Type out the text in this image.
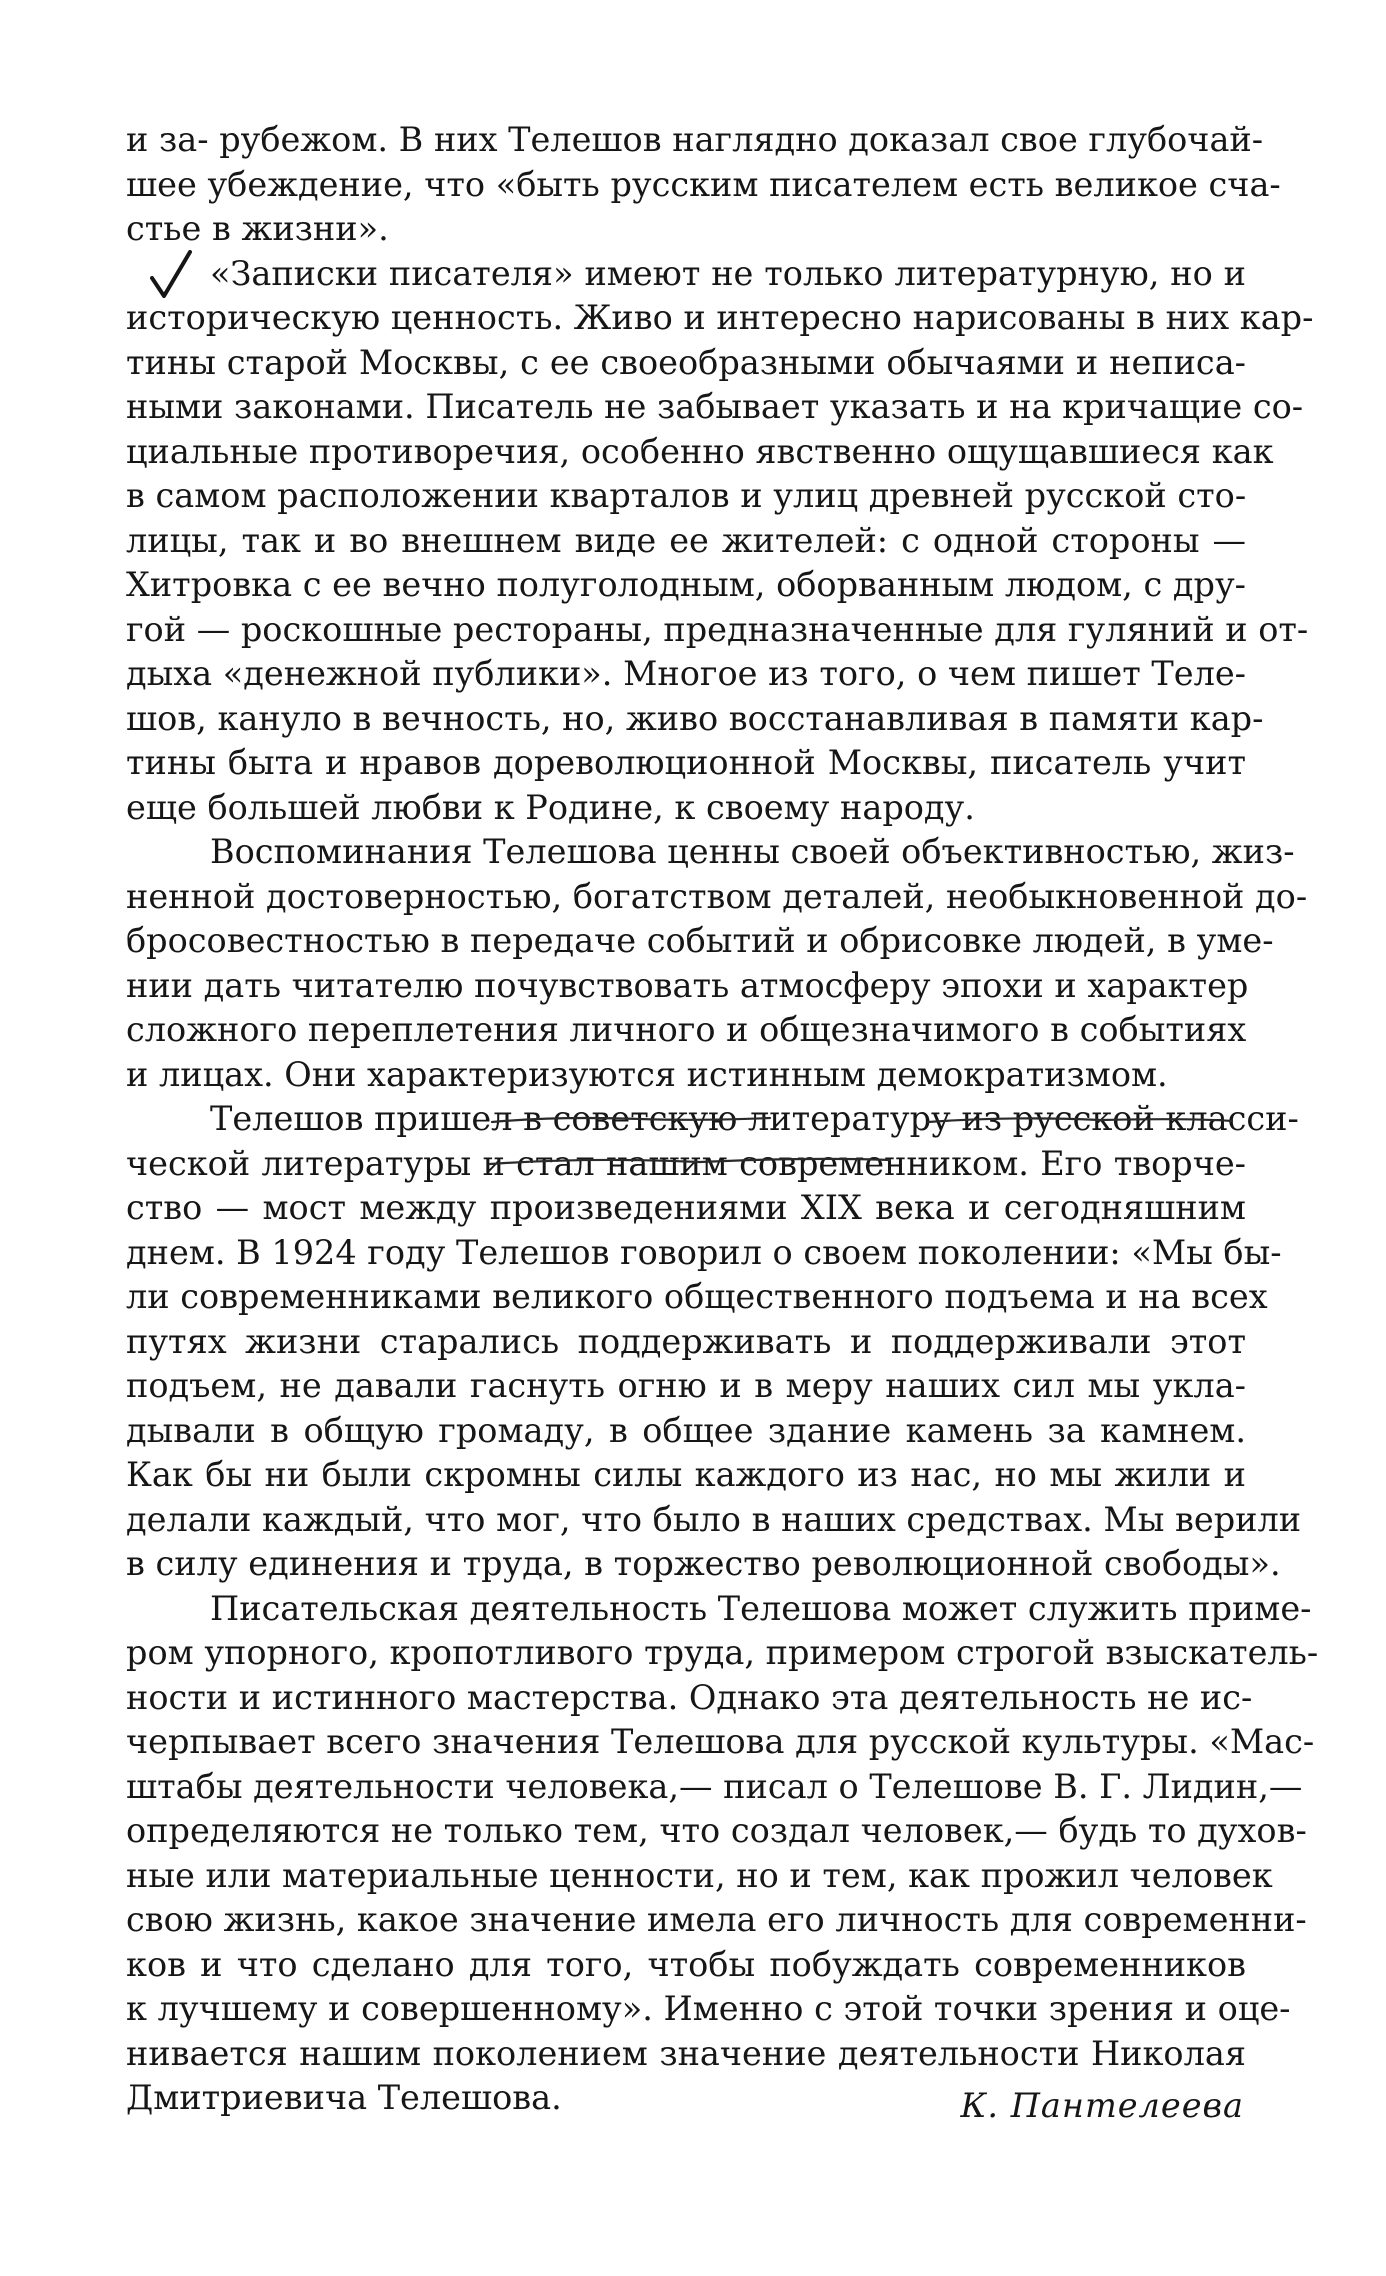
и за- рубежом. В них Телешов наглядно доказал свое глубочай-
шее убеждение, что «быть русским писателем есть великое сча-
стье в жизни».
«Записки писателя» имеют не только литературную, но и
историческую ценность. Живо и интересно нарисованы в них кар-
тины старой Москвы, с ее своеобразными обычаями и неписа-
ными законами. Писатель не забывает указать и на кричащие со-
циальные противоречия, особенно явственно ощущавшиеся как
в самом расположении кварталов и улиц древней русской сто-
лицы, так и во внешнем виде ее жителей: с одной стороны —
Хитровка с ее вечно полуголодным, оборванным людом, с дру-
гой — роскошные рестораны, предназначенные для гуляний и от-
дыха «денежной публики». Многое из того, о чем пишет Теле-
шов, кануло в вечность, но, живо восстанавливая в памяти кар-
тины быта и нравов дореволюционной Москвы, писатель учит
еще большей любви к Родине, к своему народу.
Воспоминания Телешова ценны своей объективностью, жиз-
ненной достоверностью, богатством деталей, необыкновенной до-
бросовестностью в передаче событий и обрисовке людей, в уме-
нии дать читателю почувствовать атмосферу эпохи и характер
сложного переплетения личного и общезначимого в событиях
и лицах. Они характеризуются истинным демократизмом.
Телешов пришел в советскую литературу из русской класси-
ческой литературы и стал нашим современником. Его творче-
ство — мост между произведениями XIX века и сегодняшним
днем. В 1924 году Телешов говорил о своем поколении: «Мы бы-
ли современниками великого общественного подъема и на всех
путях жизни старались поддерживать и поддерживали этот
подъем, не давали гаснуть огню и в меру наших сил мы укла-
дывали в общую громаду, в общее здание камень за камнем.
Как бы ни были скромны силы каждого из нас, но мы жили и
делали каждый, что мог, что было в наших средствах. Мы верили
в силу единения и труда, в торжество революционной свободы».
Писательская деятельность Телешова может служить приме-
ром упорного, кропотливого труда, примером строгой взыскатель-
ности и истинного мастерства. Однако эта деятельность не ис-
черпывает всего значения Телешова для русской культуры. «Мас-
штабы деятельности человека,— писал о Телешове В. Г. Лидин,—
определяются не только тем, что создал человек,— будь то духов-
ные или материальные ценности, но и тем, как прожил человек
свою жизнь, какое значение имела его личность для современни-
ков и что сделано для того, чтобы побуждать современников
к лучшему и совершенному». Именно с этой точки зрения и оце-
нивается нашим поколением значение деятельности Николая
Дмитриевича Телешова.	К. Пантелеева
